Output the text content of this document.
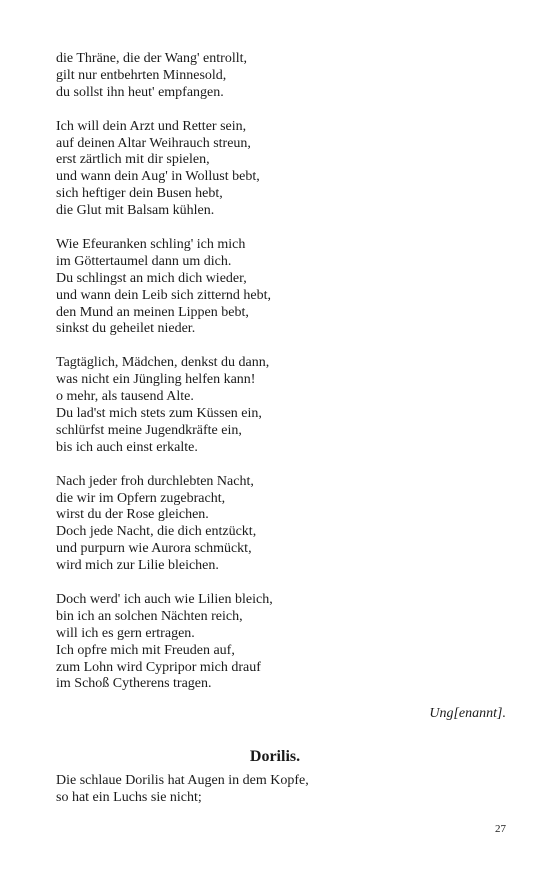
die Thräne, die der Wang' entrollt,
gilt nur entbehrten Minnesold,
du sollst ihn heut' empfangen.
Ich will dein Arzt und Retter sein,
auf deinen Altar Weihrauch streun,
erst zärtlich mit dir spielen,
und wann dein Aug' in Wollust bebt,
sich heftiger dein Busen hebt,
die Glut mit Balsam kühlen.
Wie Efeuranken schling' ich mich
im Göttertaumel dann um dich.
Du schlingst an mich dich wieder,
und wann dein Leib sich zitternd hebt,
den Mund an meinen Lippen bebt,
sinkst du geheilet nieder.
Tagtäglich, Mädchen, denkst du dann,
was nicht ein Jüngling helfen kann!
o mehr, als tausend Alte.
Du lad'st mich stets zum Küssen ein,
schlürfst meine Jugendkräfte ein,
bis ich auch einst erkalte.
Nach jeder froh durchlebten Nacht,
die wir im Opfern zugebracht,
wirst du der Rose gleichen.
Doch jede Nacht, die dich entzückt,
und purpurn wie Aurora schmückt,
wird mich zur Lilie bleichen.
Doch werd' ich auch wie Lilien bleich,
bin ich an solchen Nächten reich,
will ich es gern ertragen.
Ich opfre mich mit Freuden auf,
zum Lohn wird Cypripor mich drauf
im Schoß Cytherens tragen.
Ung[enannt].
Dorilis.
Die schlaue Dorilis hat Augen in dem Kopfe,
so hat ein Luchs sie nicht;
27
